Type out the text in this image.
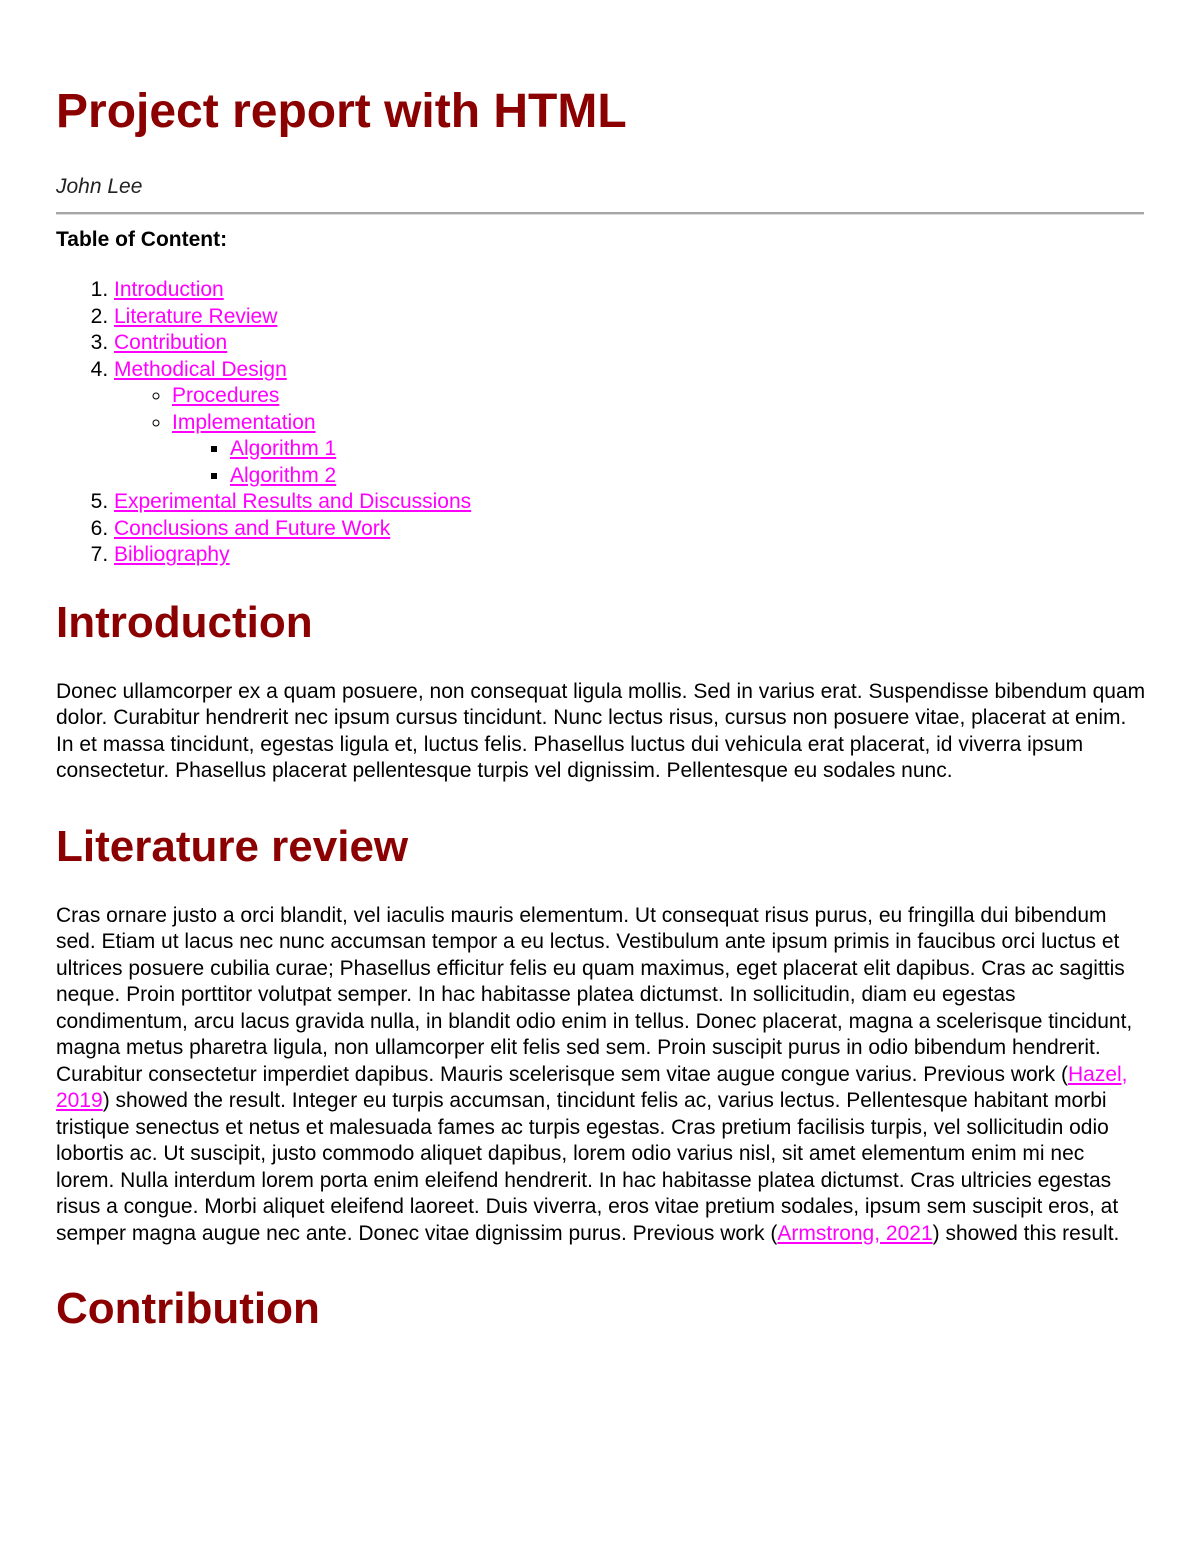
Project report with HTML
John Lee
Table of Content:
1. Introduction
2. Literature Review
3. Contribution
4. Methodical Design
◦ Procedures
◦ Implementation
▪ Algorithm 1
▪ Algorithm 2
5. Experimental Results and Discussions
6. Conclusions and Future Work
7. Bibliography
Introduction

Donec ullamcorper ex a quam posuere, non consequat ligula mollis. Sed in varius erat. Suspendisse bibendum quam dolor. Curabitur hendrerit nec ipsum cursus tincidunt. Nunc lectus risus, cursus non posuere vitae, placerat at enim. In et massa tincidunt, egestas ligula et, luctus felis. Phasellus luctus dui vehicula erat placerat, id viverra ipsum consectetur. Phasellus placerat pellentesque turpis vel dignissim. Pellentesque eu sodales nunc.

Literature review

Cras ornare justo a orci blandit, vel iaculis mauris elementum. Ut consequat risus purus, eu fringilla dui bibendum sed. Etiam ut lacus nec nunc accumsan tempor a eu lectus. Vestibulum ante ipsum primis in faucibus orci luctus et ultrices posuere cubilia curae; Phasellus efficitur felis eu quam maximus, eget placerat elit dapibus. Cras ac sagittis neque. Proin porttitor volutpat semper. In hac habitasse platea dictumst. In sollicitudin, diam eu egestas condimentum, arcu lacus gravida nulla, in blandit odio enim in tellus. Donec placerat, magna a scelerisque tincidunt, magna metus pharetra ligula, non ullamcorper elit felis sed sem. Proin suscipit purus in odio bibendum hendrerit. Curabitur consectetur imperdiet dapibus. Mauris scelerisque sem vitae augue congue varius. Previous work (Hazel, 2019) showed the result. Integer eu turpis accumsan, tincidunt felis ac, varius lectus. Pellentesque habitant morbi tristique senectus et netus et malesuada fames ac turpis egestas. Cras pretium facilisis turpis, vel sollicitudin odio lobortis ac. Ut suscipit, justo commodo aliquet dapibus, lorem odio varius nisl, sit amet elementum enim mi nec lorem. Nulla interdum lorem porta enim eleifend hendrerit. In hac habitasse platea dictumst. Cras ultricies egestas risus a congue. Morbi aliquet eleifend laoreet. Duis viverra, eros vitae pretium sodales, ipsum sem suscipit eros, at semper magna augue nec ante. Donec vitae dignissim purus. Previous work (Armstrong, 2021) showed this result.

Contribution
